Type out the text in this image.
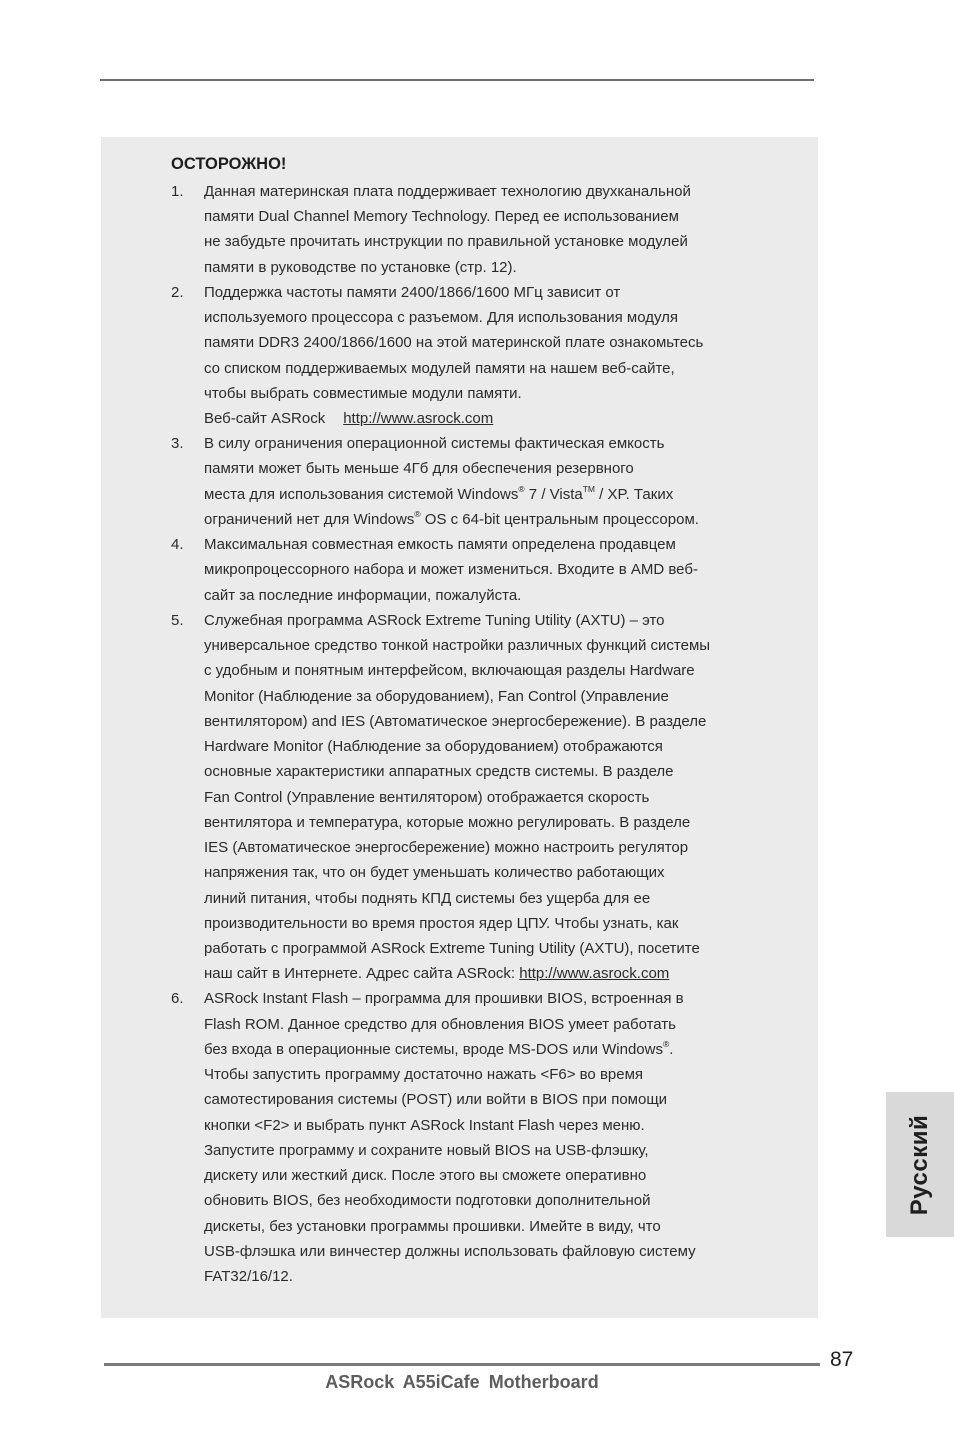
ОСТОРОЖНО!
1. Данная материнская плата поддерживает технологию двухканальной
памяти Dual Channel Memory Technology. Перед ее использованием
не забудьте прочитать инструкции по правильной установке модулей
памяти в руководстве по установке (стр. 12).
2. Поддержка частоты памяти 2400/1866/1600 МГц зависит от
используемого процессора с разъемом. Для использования модуля
памяти DDR3 2400/1866/1600 на этой материнской плате ознакомьтесь
со списком поддерживаемых модулей памяти на нашем веб-сайте,
чтобы выбрать совместимые модули памяти.
Веб-сайт ASRock http://www.asrock.com
3. В силу ограничения операционной системы фактическая емкость
памяти может быть меньше 4Гб для обеспечения резервного
места для использования системой Windows® 7 / Vista™ / XP. Таких
ограничений нет для Windows® OS с 64-bit центральным процессором.
4. Максимальная совместная емкость памяти определена продавцем
микропроцессорного набора и может измениться. Входите в AMD веб-
сайт за последние информации, пожалуйста.
5. Служебная программа ASRock Extreme Tuning Utility (AXTU) – это
универсальное средство тонкой настройки различных функций системы
с удобным и понятным интерфейсом, включающая разделы Hardware
Monitor (Наблюдение за оборудованием), Fan Control (Управление
вентилятором) and IES (Автоматическое энергосбережение). В разделе
Hardware Monitor (Наблюдение за оборудованием) отображаются
основные характеристики аппаратных средств системы. В разделе
Fan Control (Управление вентилятором) отображается скорость
вентилятора и температура, которые можно регулировать. В разделе
IES (Автоматическое энергосбережение) можно настроить регулятор
напряжения так, что он будет уменьшать количество работающих
линий питания, чтобы поднять КПД системы без ущерба для ее
производительности во время простоя ядер ЦПУ. Чтобы узнать, как
работать с программой ASRock Extreme Tuning Utility (AXTU), посетите
наш сайт в Интернете. Адрес сайта ASRock: http://www.asrock.com
6. ASRock Instant Flash – программа для прошивки BIOS, встроенная в
Flash ROM. Данное средство для обновления BIOS умеет работать
без входа в операционные системы, вроде MS-DOS или Windows®.
Чтобы запустить программу достаточно нажать <F6> во время
самотестирования системы (POST) или войти в BIOS при помощи
кнопки <F2> и выбрать пункт ASRock Instant Flash через меню.
Запустите программу и сохраните новый BIOS на USB-флэшку,
дискету или жесткий диск. После этого вы сможете оперативно
обновить BIOS, без необходимости подготовки дополнительной
дискеты, без установки программы прошивки. Имейте в виду, что
USB-флэшка или винчестер должны использовать файловую систему
FAT32/16/12.
Русский
87
ASRock A55iCafe Motherboard
